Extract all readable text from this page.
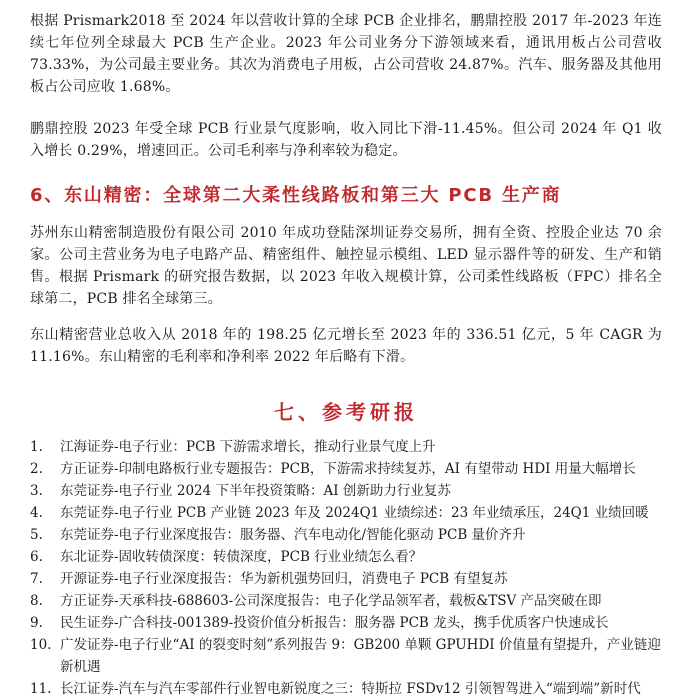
根据 Prismark2018 至 2024 年以营收计算的全球 PCB 企业排名，鹏鼎控股 2017 年-2023 年连续七年位列全球最大 PCB 生产企业。2023 年公司业务分下游领域来看，通讯用板占公司营收 73.33%，为公司最主要业务。其次为消费电子用板，占公司营收 24.87%。汽车、服务器及其他用板占公司应收 1.68%。

鹏鼎控股 2023 年受全球 PCB 行业景气度影响，收入同比下滑-11.45%。但公司 2024 年 Q1 收入增长 0.29%，增速回正。公司毛利率与净利率较为稳定。

6、东山精密：全球第二大柔性线路板和第三大 PCB 生产商

苏州东山精密制造股份有限公司 2010 年成功登陆深圳证券交易所，拥有全资、控股企业达 70 余家。公司主营业务为电子电路产品、精密组件、触控显示模组、LED 显示器件等的研发、生产和销售。根据 Prismark 的研究报告数据，以 2023 年收入规模计算，公司柔性线路板（FPC）排名全球第二，PCB 排名全球第三。

东山精密营业总收入从 2018 年的 198.25 亿元增长至 2023 年的 336.51 亿元，5 年 CAGR 为 11.16%。东山精密的毛利率和净利率 2022 年后略有下滑。

七、参考研报
1.	江海证券-电子行业：PCB 下游需求增长，推动行业景气度上升
2.	方正证券-印制电路板行业专题报告：PCB，下游需求持续复苏，AI 有望带动 HDI 用量大幅增长
3.	东莞证券-电子行业 2024 下半年投资策略：AI 创新助力行业复苏
4.	东莞证券-电子行业 PCB 产业链 2023 年及 2024Q1 业绩综述：23 年业绩承压，24Q1 业绩回暖
5.	东莞证券-电子行业深度报告：服务器、汽车电动化/智能化驱动 PCB 量价齐升
6.	东北证券-固收转债深度：转债深度，PCB 行业业绩怎么看？
7.	开源证券-电子行业深度报告：华为新机强势回归，消费电子 PCB 有望复苏
8.	方正证券-天承科技-688603-公司深度报告：电子化学品领军者，载板&TSV 产品突破在即
9.	民生证券-广合科技-001389-投资价值分析报告：服务器 PCB 龙头，携手优质客户快速成长
10. 广发证券-电子行业“AI 的裂变时刻”系列报告 9：GB200 单颗 GPUHDI 价值量有望提升，产业链迎新机遇
11. 长江证券-汽车与汽车零部件行业智电新锐度之三：特斯拉 FSDv12 引领智驾进入“端到端”新时代
